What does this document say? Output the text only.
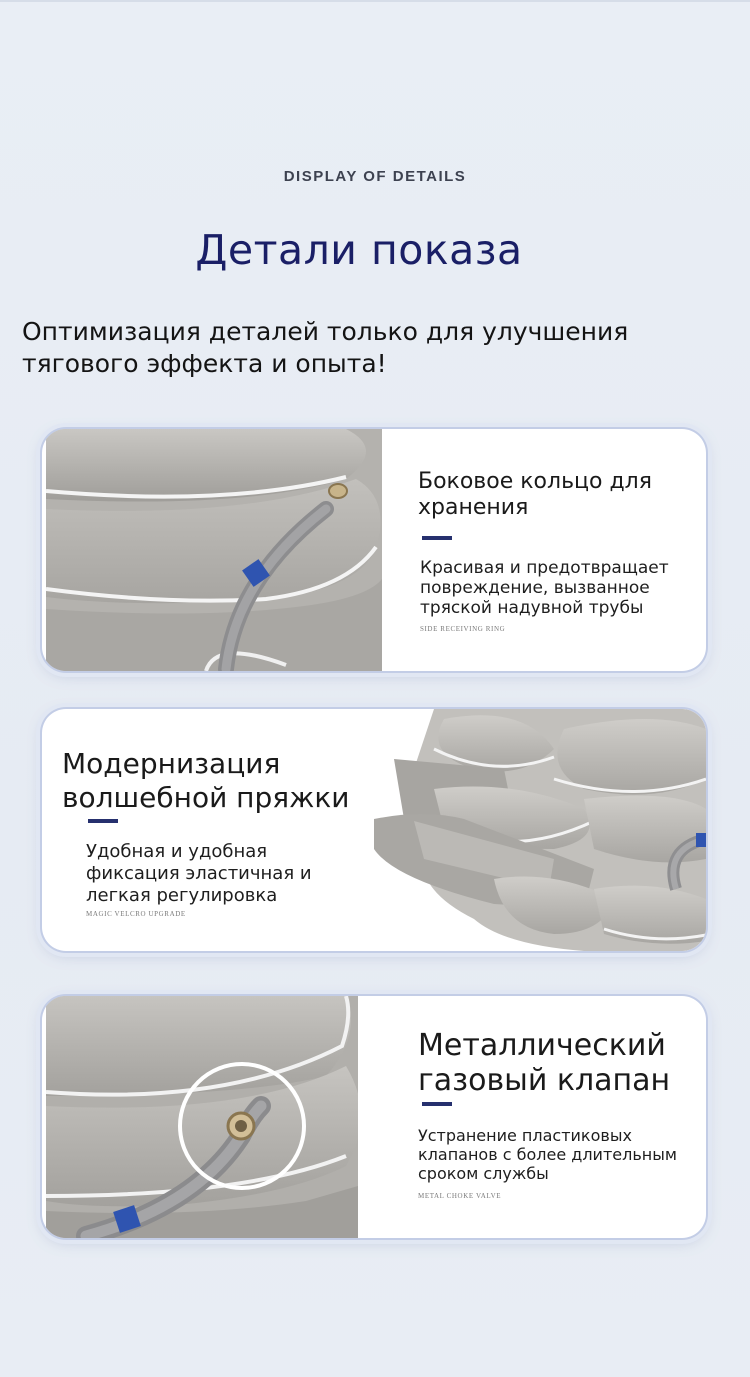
DISPLAY OF DETAILS
Детали показа
Оптимизация деталей только для улучшения тягового эффекта и опыта!
Боковое кольцо для хранения
Красивая и предотвращает повреждение, вызванное тряской надувной трубы
SIDE RECEIVING RING
Модернизация волшебной пряжки
Удобная и удобная фиксация эластичная и легкая регулировка
MAGIC VELCRO UPGRADE
Металлический газовый клапан
Устранение пластиковых клапанов с более длительным сроком службы
METAL CHOKE VALVE
